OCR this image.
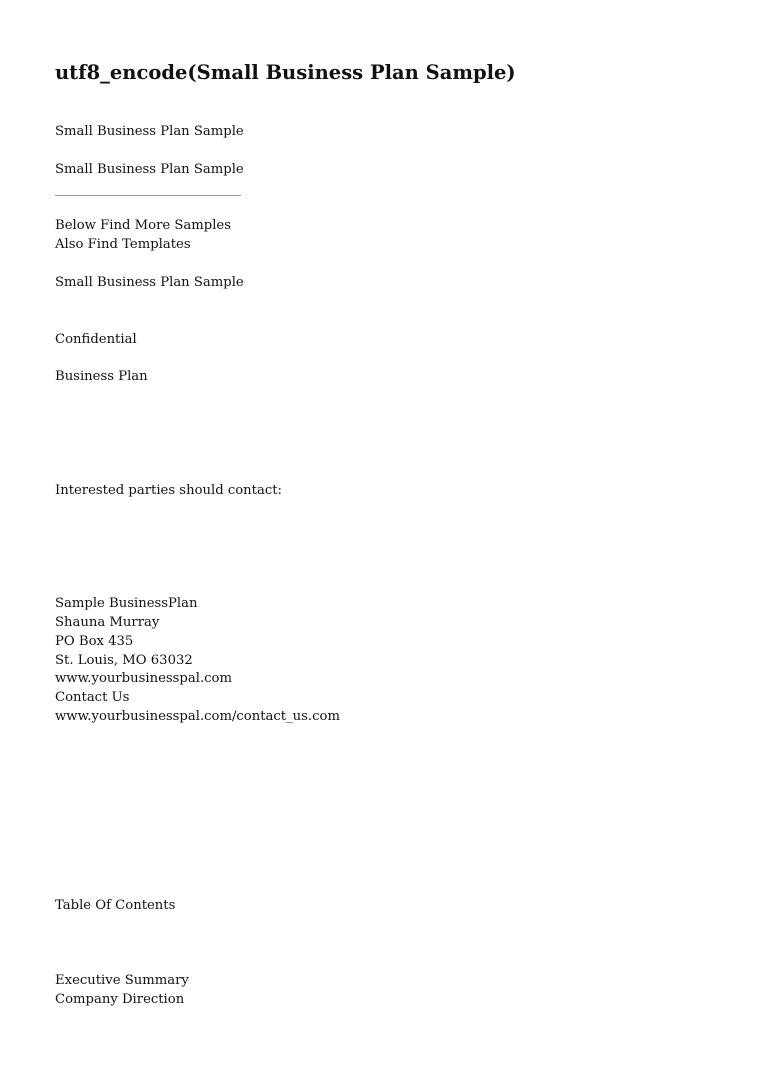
utf8_encode(Small Business Plan Sample)
Small Business Plan Sample
Small Business Plan Sample
Below Find More Samples
Also Find Templates
Small Business Plan Sample
Confidential
Business Plan
Interested parties should contact:
Sample BusinessPlan
Shauna Murray
PO Box 435
St. Louis, MO 63032
www.yourbusinesspal.com
Contact Us
www.yourbusinesspal.com/contact_us.com
Table Of Contents
Executive Summary
Company Direction
